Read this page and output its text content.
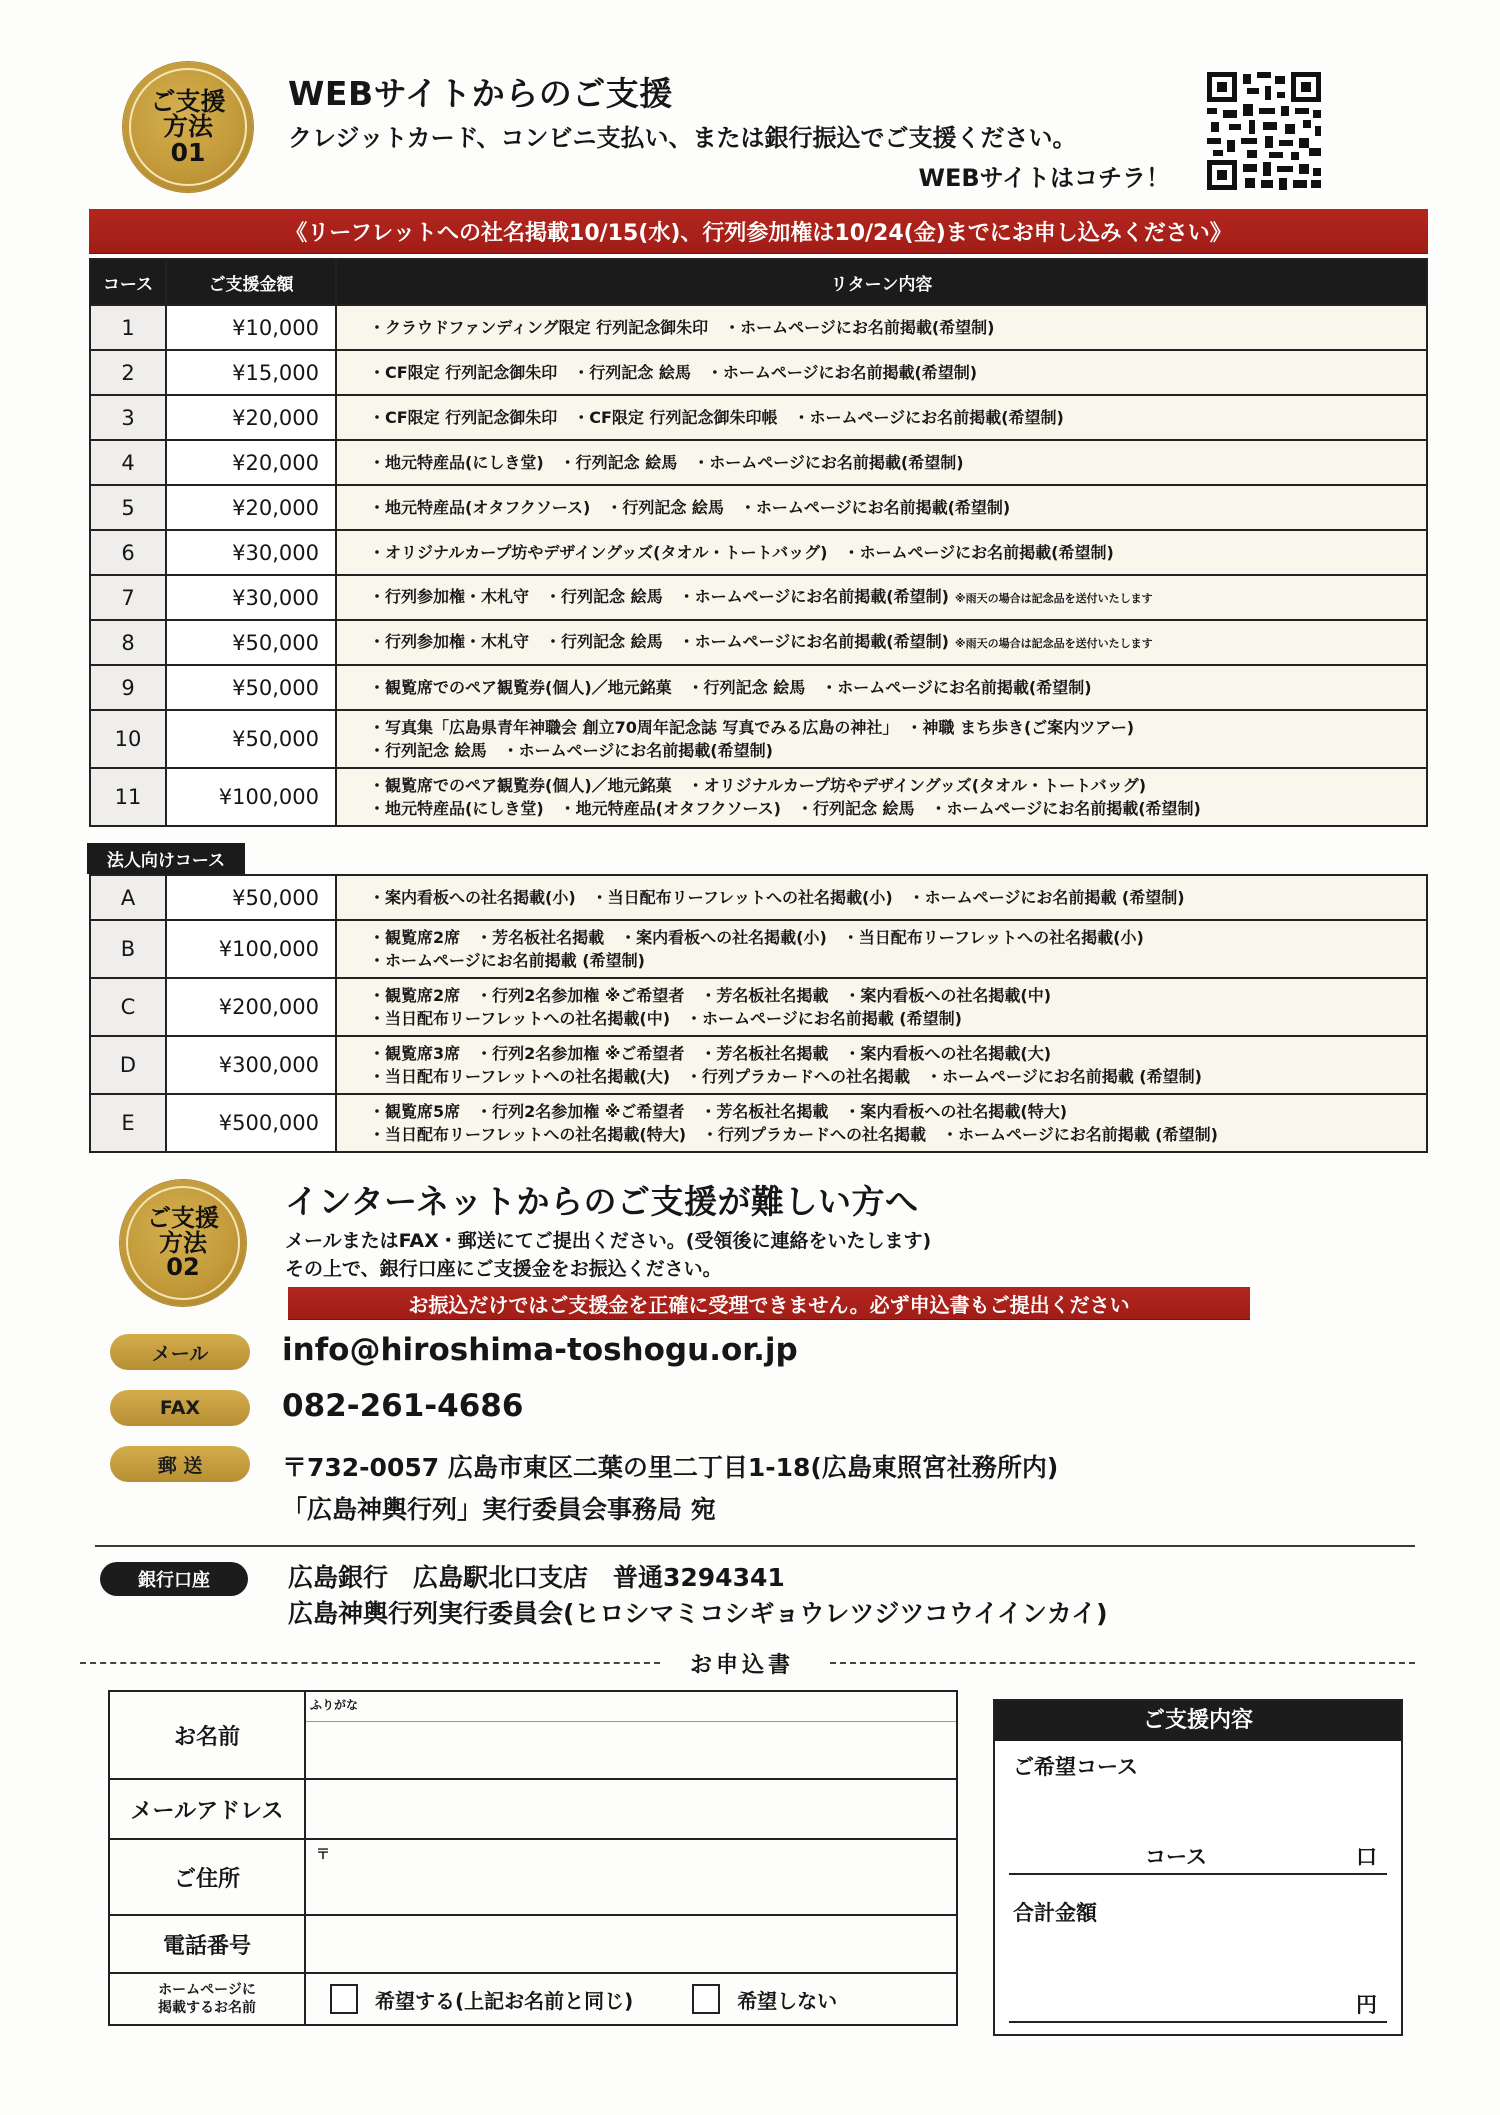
ご支援
方法
01
WEBサイトからのご支援
クレジットカード、コンビニ支払い、または銀行振込でご支援ください。
WEBサイトはコチラ！
《リーフレットへの社名掲載10/15(水)、行列参加権は10/24(金)までにお申し込みください》
コース	ご支援金額	リターン内容
1	¥10,000	・クラウドファンディング限定 行列記念御朱印　・ホームページにお名前掲載(希望制)

2	¥15,000	・CF限定 行列記念御朱印　・行列記念 絵馬　・ホームページにお名前掲載(希望制)

3	¥20,000	・CF限定 行列記念御朱印　・CF限定 行列記念御朱印帳　・ホームページにお名前掲載(希望制)

4	¥20,000	・地元特産品(にしき堂)　・行列記念 絵馬　・ホームページにお名前掲載(希望制)

5	¥20,000	・地元特産品(オタフクソース)　・行列記念 絵馬　・ホームページにお名前掲載(希望制)

6	¥30,000	・オリジナルカープ坊やデザイングッズ(タオル・トートバッグ)　・ホームページにお名前掲載(希望制)

7	¥30,000	・行列参加権・木札守　・行列記念 絵馬　・ホームページにお名前掲載(希望制) ※雨天の場合は記念品を送付いたします

8	¥50,000	・行列参加権・木札守　・行列記念 絵馬　・ホームページにお名前掲載(希望制) ※雨天の場合は記念品を送付いたします

9	¥50,000	・観覧席でのペア観覧券(個人)／地元銘菓　・行列記念 絵馬　・ホームページにお名前掲載(希望制)

10	¥50,000	・写真集「広島県青年神職会 創立70周年記念誌 写真でみる広島の神社」　・神職 まち歩き(ご案内ツアー)
・行列記念 絵馬　・ホームページにお名前掲載(希望制)

11	¥100,000	・観覧席でのペア観覧券(個人)／地元銘菓　・オリジナルカープ坊やデザイングッズ(タオル・トートバッグ)
・地元特産品(にしき堂)　・地元特産品(オタフクソース)　・行列記念 絵馬　・ホームページにお名前掲載(希望制)
法人向けコース
A	¥50,000	・案内看板への社名掲載(小)　・当日配布リーフレットへの社名掲載(小)　・ホームページにお名前掲載 (希望制)

B	¥100,000	・観覧席2席　・芳名板社名掲載　・案内看板への社名掲載(小)　・当日配布リーフレットへの社名掲載(小)
・ホームページにお名前掲載 (希望制)

C	¥200,000	・観覧席2席　・行列2名参加権 ※ご希望者　・芳名板社名掲載　・案内看板への社名掲載(中)
・当日配布リーフレットへの社名掲載(中)　・ホームページにお名前掲載 (希望制)

D	¥300,000	・観覧席3席　・行列2名参加権 ※ご希望者　・芳名板社名掲載　・案内看板への社名掲載(大)
・当日配布リーフレットへの社名掲載(大)　・行列プラカードへの社名掲載　・ホームページにお名前掲載 (希望制)

E	¥500,000	・観覧席5席　・行列2名参加権 ※ご希望者　・芳名板社名掲載　・案内看板への社名掲載(特大)
・当日配布リーフレットへの社名掲載(特大)　・行列プラカードへの社名掲載　・ホームページにお名前掲載 (希望制)
ご支援
方法
02
インターネットからのご支援が難しい方へ
メールまたはFAX・郵送にてご提出ください。(受領後に連絡をいたします)
その上で、銀行口座にご支援金をお振込ください。
お振込だけではご支援金を正確に受理できません。必ず申込書もご提出ください
メール info@hiroshima-toshogu.or.jp
FAX	082-261-4686
郵 送	〒732-0057 広島市東区二葉の里二丁目1-18(広島東照宮社務所内)
「広島神輿行列」実行委員会事務局 宛
銀行口座	広島銀行　広島駅北口支店　普通3294341
広島神輿行列実行委員会(ヒロシマミコシギョウレツジツコウイインカイ)
お申込書
お名前	ふりがな

メールアドレス	
ご住所	〒
電話番号	

ホームページに
掲載するお名前	希望する(上記お名前と同じ) 希望しない
ご支援内容
ご希望コース
コース	口
合計金額
円
